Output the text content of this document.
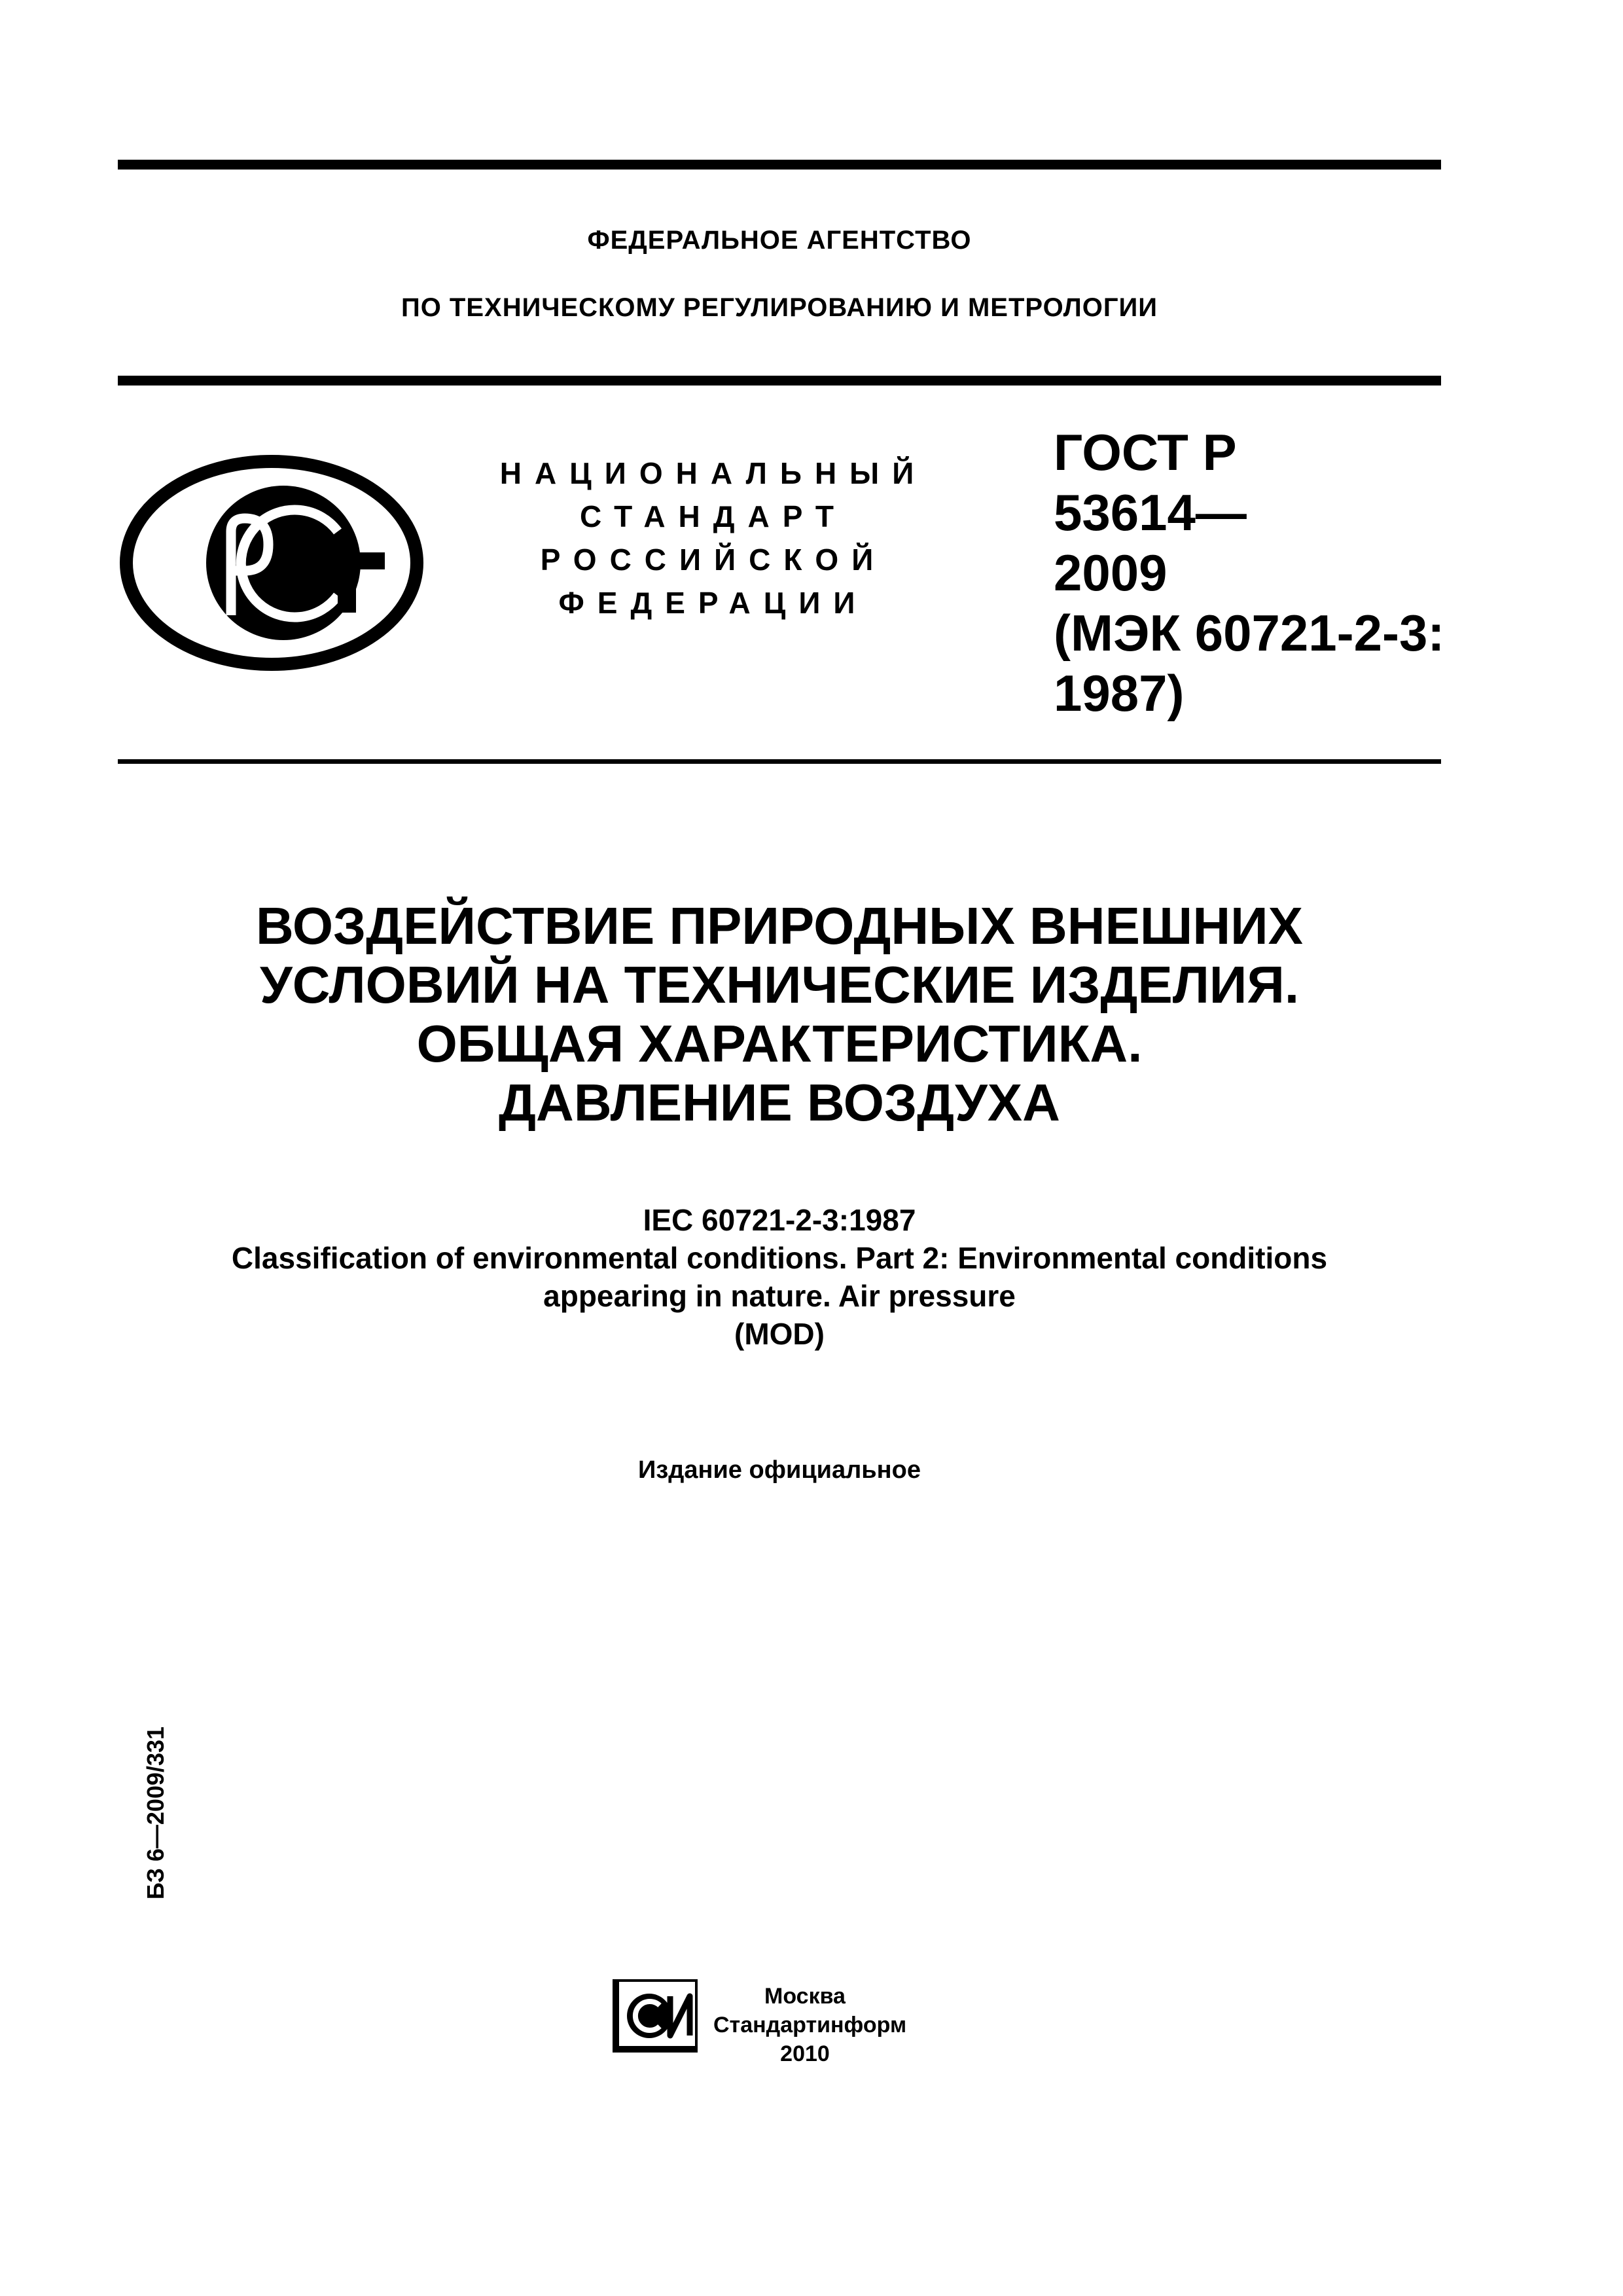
ФЕДЕРАЛЬНОЕ АГЕНТСТВО
ПО ТЕХНИЧЕСКОМУ РЕГУЛИРОВАНИЮ И МЕТРОЛОГИИ
НАЦИОНАЛЬНЫЙ
СТАНДАРТ
РОССИЙСКОЙ
ФЕДЕРАЦИИ
ГОСТ Р
53614—
2009
(МЭК 60721-2-3:
1987)
ВОЗДЕЙСТВИЕ ПРИРОДНЫХ ВНЕШНИХ
УСЛОВИЙ НА ТЕХНИЧЕСКИЕ ИЗДЕЛИЯ.
ОБЩАЯ ХАРАКТЕРИСТИКА.
ДАВЛЕНИЕ ВОЗДУХА
IEC 60721-2-3:1987
Classification of environmental conditions. Part 2: Environmental conditions
appearing in nature. Air pressure
(MOD)
Издание официальное
БЗ 6—2009/331
Москва
Стандартинформ
2010
